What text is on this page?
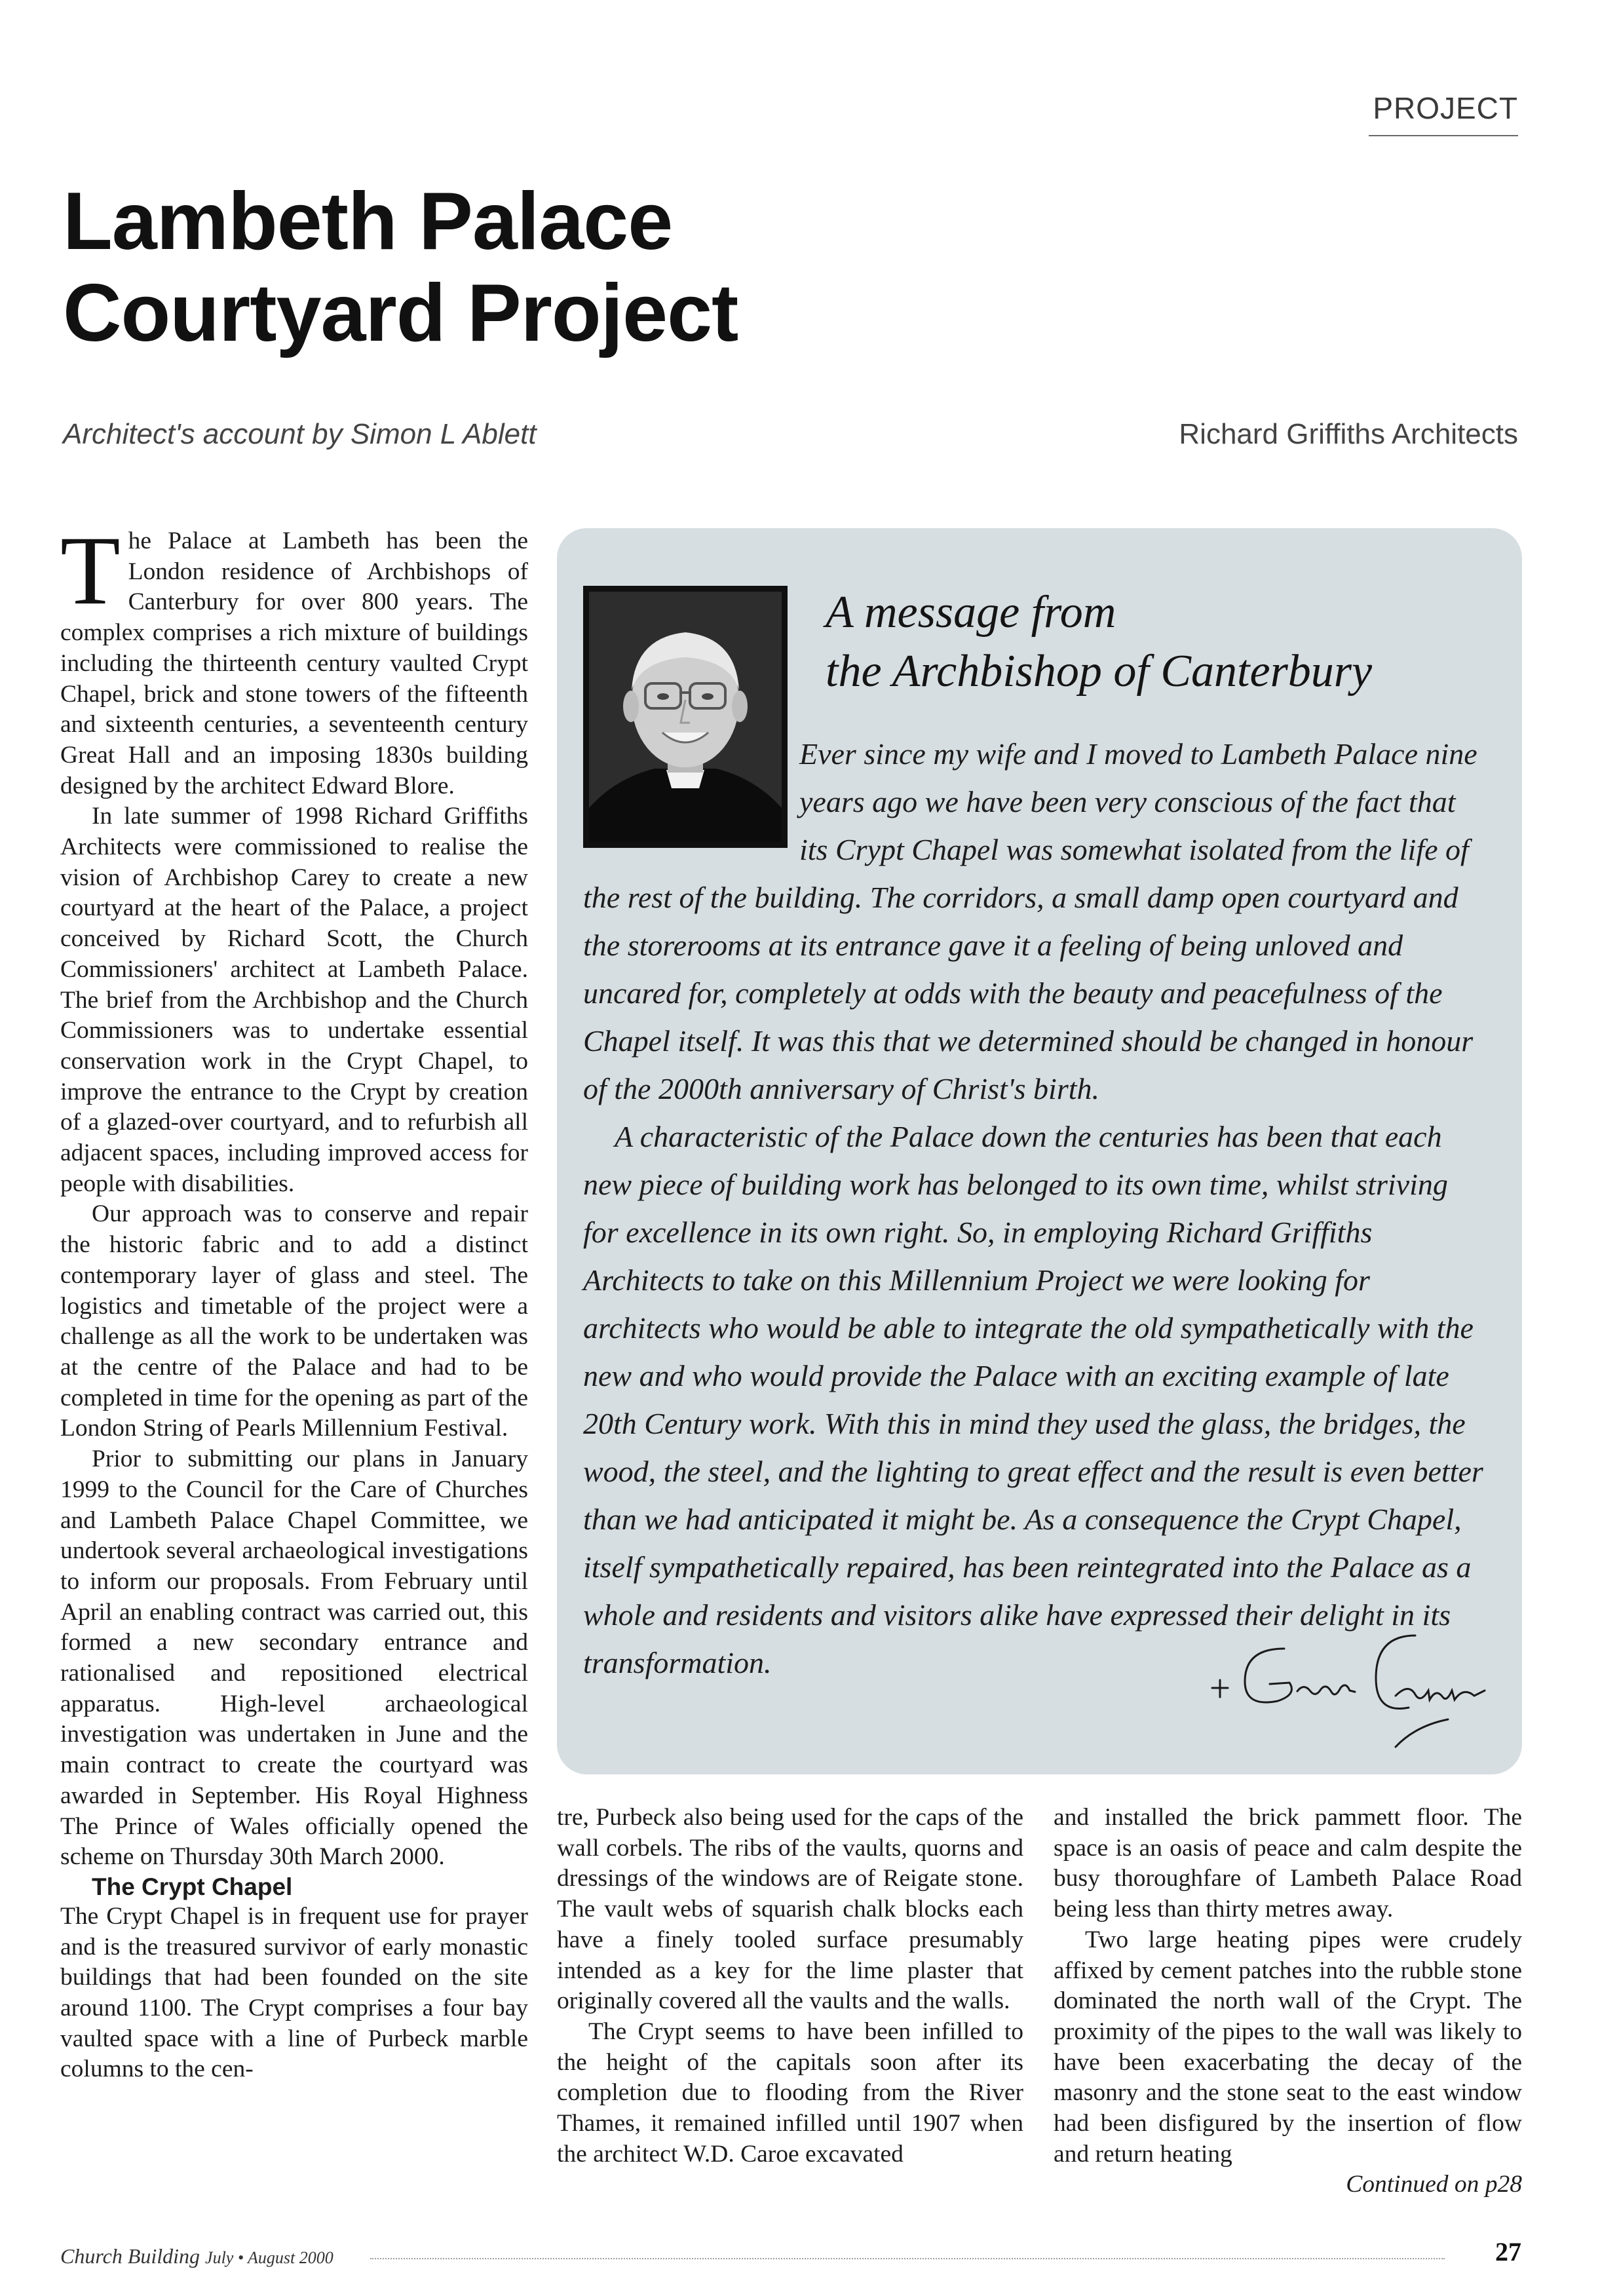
PROJECT
Lambeth Palace
Courtyard Project
Architect's account by Simon L Ablett	Richard Griffiths Architects

The Palace at Lambeth has been the London residence of Archbishops of Canterbury for over 800 years. The complex comprises a rich mixture of buildings including the thirteenth century vaulted Crypt Chapel, brick and stone towers of the fifteenth and sixteenth centuries, a seventeenth century Great Hall and an imposing 1830s building designed by the architect Edward Blore.

In late summer of 1998 Richard Griffiths Architects were commissioned to realise the vision of Archbishop Carey to create a new courtyard at the heart of the Palace, a project conceived by Richard Scott, the Church Commissioners' architect at Lambeth Palace. The brief from the Archbishop and the Church Commissioners was to undertake essential conservation work in the Crypt Chapel, to improve the entrance to the Crypt by creation of a glazed-over courtyard, and to refurbish all adjacent spaces, including improved access for people with disabilities.

Our approach was to conserve and repair the historic fabric and to add a distinct contemporary layer of glass and steel. The logistics and timetable of the project were a challenge as all the work to be undertaken was at the centre of the Palace and had to be completed in time for the opening as part of the London String of Pearls Millennium Festival.

Prior to submitting our plans in January 1999 to the Council for the Care of Churches and Lambeth Palace Chapel Committee, we undertook several archaeological investigations to inform our proposals. From February until April an enabling contract was carried out, this formed a new secondary entrance and rationalised and repositioned electrical apparatus. High-level archaeological investigation was undertaken in June and the main contract to create the courtyard was awarded in September. His Royal Highness The Prince of Wales officially opened the scheme on Thursday 30th March 2000.

The Crypt Chapel

The Crypt Chapel is in frequent use for prayer and is the treasured survivor of early monastic buildings that had been founded on the site around 1100. The Crypt comprises a four bay vaulted space with a line of Purbeck marble columns to the cen-

A message from
the Archbishop of Canterbury

Ever since my wife and I moved to Lambeth Palace nine years ago we have been very conscious of the fact that its Crypt Chapel was somewhat isolated from the life of the rest of the building. The corridors, a small damp open courtyard and the storerooms at its entrance gave it a feeling of being unloved and uncared for, completely at odds with the beauty and peacefulness of the Chapel itself. It was this that we determined should be changed in honour of the 2000th anniversary of Christ's birth.

A characteristic of the Palace down the centuries has been that each new piece of building work has belonged to its own time, whilst striving for excellence in its own right. So, in employing Richard Griffiths Architects to take on this Millennium Project we were looking for architects who would be able to integrate the old sympathetically with the new and who would provide the Palace with an exciting example of late 20th Century work. With this in mind they used the glass, the bridges, the wood, the steel, and the lighting to great effect and the result is even better than we had anticipated it might be. As a consequence the Crypt Chapel, itself sympathetically repaired, has been reintegrated into the Palace as a whole and residents and visitors alike have expressed their delight in its transformation.

tre, Purbeck also being used for the caps of the wall corbels. The ribs of the vaults, quorns and dressings of the windows are of Reigate stone. The vault webs of squarish chalk blocks each have a finely tooled surface presumably intended as a key for the lime plaster that originally covered all the vaults and the walls.

The Crypt seems to have been infilled to the height of the capitals soon after its completion due to flooding from the River Thames, it remained infilled until 1907 when the architect W.D. Caroe excavated

and installed the brick pammett floor. The space is an oasis of peace and calm despite the busy thoroughfare of Lambeth Palace Road being less than thirty metres away.

Two large heating pipes were crudely affixed by cement patches into the rubble stone dominated the north wall of the Crypt. The proximity of the pipes to the wall was likely to have been exacerbating the decay of the masonry and the stone seat to the east window had been disfigured by the insertion of flow and return heating

Continued on p28

Church Building July • August 2000	27
